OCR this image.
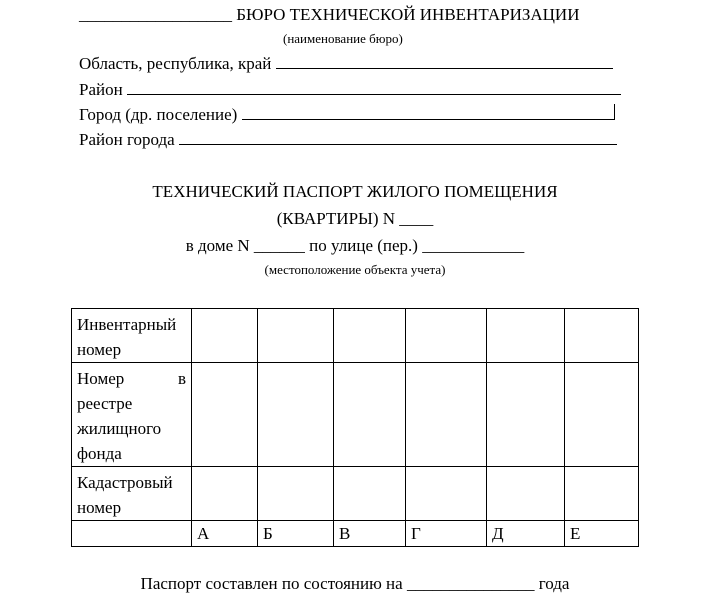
__________________ БЮРО ТЕХНИЧЕСКОЙ ИНВЕНТАРИЗАЦИИ
(наименование бюро)
Область, республика, край
Район
Город (др. поселение)
Район города
ТЕХНИЧЕСКИЙ ПАСПОРТ ЖИЛОГО ПОМЕЩЕНИЯ
(КВАРТИРЫ) N ____
в доме N ______ по улице (пер.) ____________
(местоположение объекта учета)
Инвентарный номер						
Номер в реестре жилищного фонда						
Кадастровый номер						
	А	Б	В	Г	Д	Е
Паспорт составлен по состоянию на _______________ года
